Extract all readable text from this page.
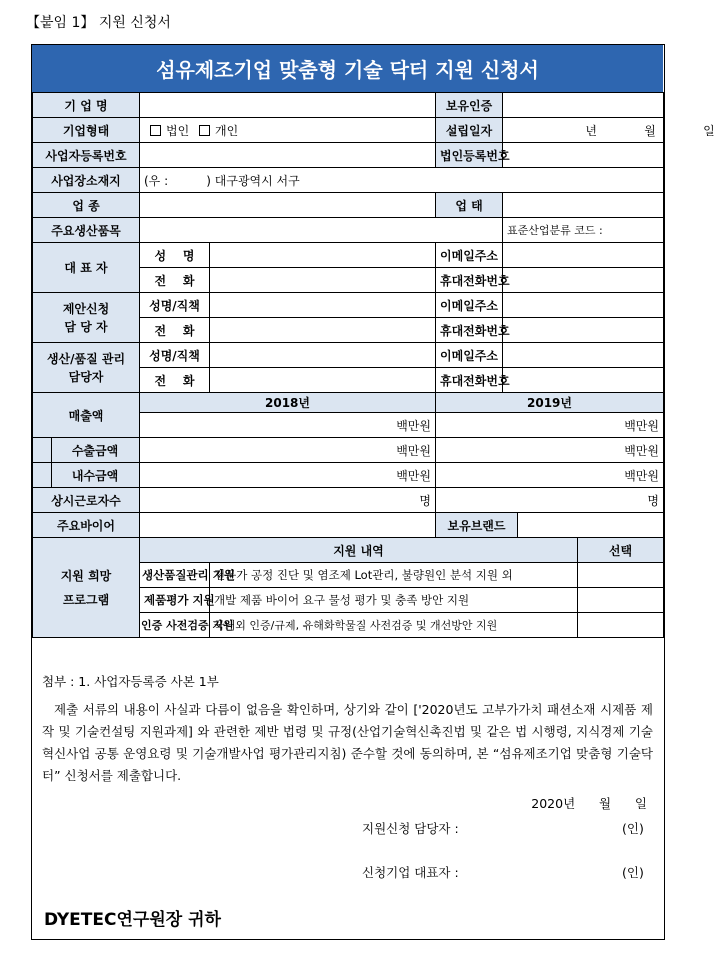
【붙임 1】 지원 신청서
섬유제조기업 맞춤형 기술 닥터 지원 신청서
기 업 명			보유인증			
기업형태	법인 개인		설립일자	년 월 일		
사업자등록번호			법인등록번호			
사업장소재지	(우 :          ) 대구광역시 서구					
업 종			업 태			
주요생산품목				표준산업분류 코드 :		
대 표 자	성    명		이메일주소			
	전    화		휴대전화번호			
제안신청
담 당 자	성명/직책		이메일주소			
	전    화		휴대전화번호			
생산/품질 관리
담당자	성명/직책		이메일주소			
	전    화		휴대전화번호			
매출액	2018년		2019년			
	백만원		백만원			

수출금액	백만원		백만원			

내수금액	백만원		백만원			
상시근로자수	명		명			
주요바이어			보유브랜드			
지원 희망
프로그램	지원 내역					선택
	생산품질관리 지원	전문가 공정 진단 및 염조제 Lot관리, 불량원인 분석 지원 외				
	제품평가 지원	개발 제품 바이어 요구 물성 평가 및 충족 방안 지원				
	인증 사전검증 지원	국내외 인증/규제, 유해화학물질 사전검증 및 개선방안 지원				
첨부 : 1. 사업자등록증 사본 1부
제출 서류의 내용이 사실과 다름이 없음을 확인하며, 상기와 같이 ['2020년도 고부가가치 패션소재 시제품 제작 및 기술컨설팅 지원과제] 와 관련한 제반 법령 및 규정(산업기술혁신촉진법 및 같은 법 시행령, 지식경제 기술혁신사업 공통 운영요령 및 기술개발사업 평가관리지침) 준수할 것에 동의하며, 본 “섬유제조기업 맞춤형 기술닥터” 신청서를 제출합니다.
2020년      월      일
지원신청 담당자 :	(인)
신청기업 대표자 :	(인)
DYETEC연구원장 귀하
